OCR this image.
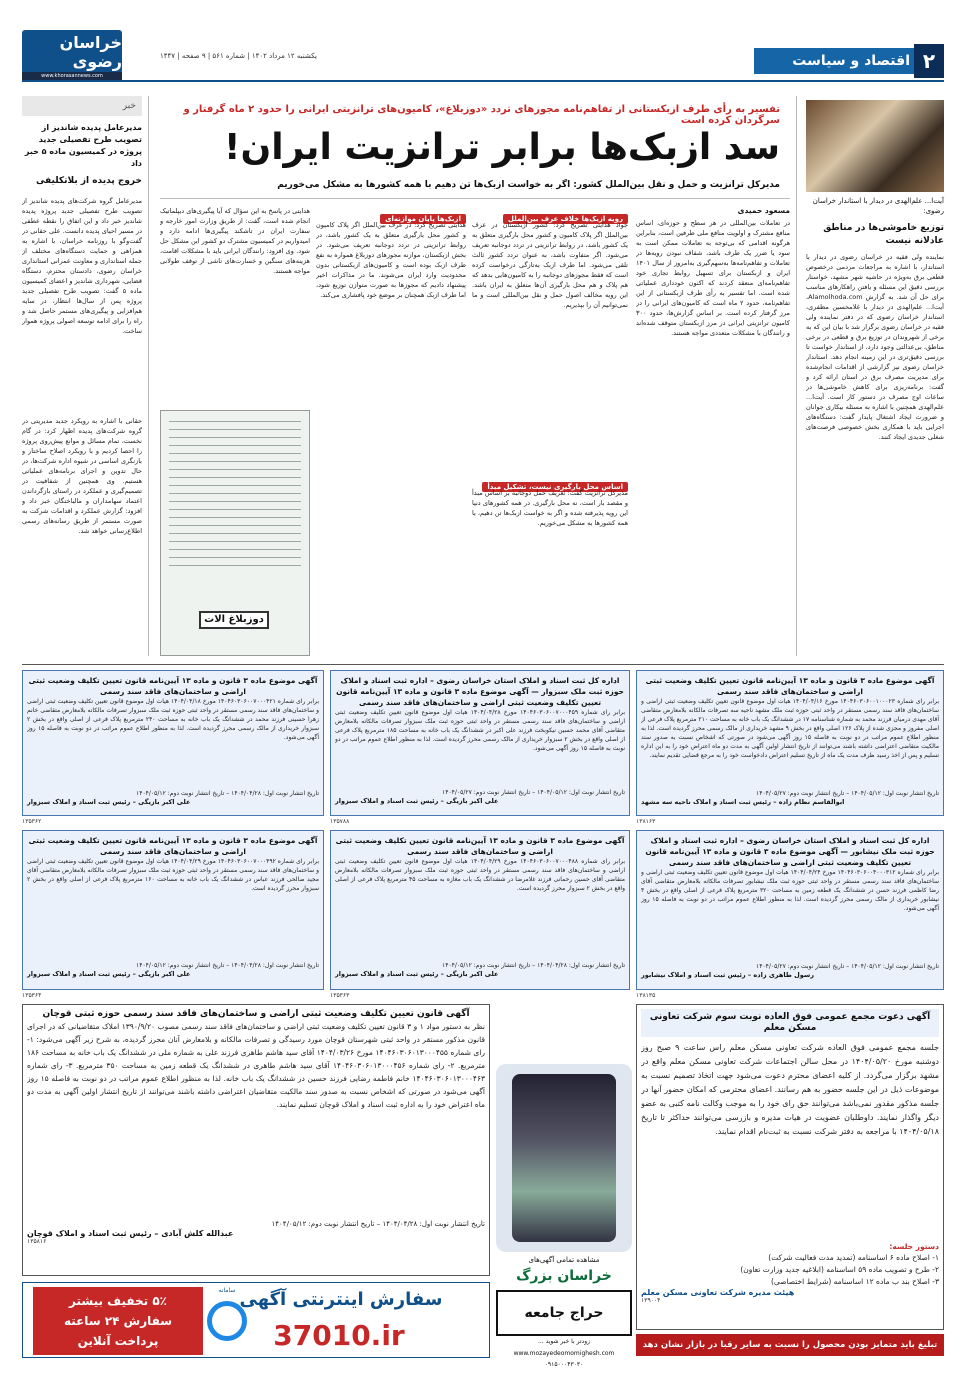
خراسان رضوی
www.khorasannews.com
یکشنبه ۱۲ مرداد ۱۴۰۲ | شماره ۵۶۱ | ۹ صفحه | ۱۴۴۷	اقتصاد و سیاست ۲
خبر
مدیرعامل پدیده شاندیز از تصویب طرح تفصیلی جدید پروژه در کمیسیون ماده ۵ خبر داد
خروج پدیده از بلاتکلیفی
مدیرعامل گروه شرکت‌های پدیده شاندیز از تصویب طرح تفصیلی جدید پروژه پدیده شاندیز خبر داد و این اتفاق را نقطه عطفی در مسیر احیای پدیده دانست. علی حقانی در گفت‌وگو با روزنامه خراسان، با اشاره به همراهی و حمایت دستگاه‌های مختلف از جمله استانداری و معاونت عمرانی استانداری خراسان رضوی، دادستان محترم، دستگاه قضایی، شهرداری شاندیز و اعضای کمیسیون ماده ۵ گفت: تصویب طرح تفصیلی جدید پروژه پس از سال‌ها انتظار، در سایه هم‌افزایی و پیگیری‌های مستمر حاصل شد و راه را برای ادامه توسعه اصولی پروژه هموار ساخت.
حقانی با اشاره به رویکرد جدید مدیریتی در گروه شرکت‌های پدیده اظهار کرد: در گام نخست، تمام مسائل و موانع پیش‌روی پروژه را احصا کردیم و با رویکرد اصلاح ساختار و بازنگری اساسی در شیوه اداره شرکت‌ها، در حال تدوین و اجرای برنامه‌های عملیاتی هستیم. وی همچنین از شفافیت در تصمیم‌گیری و عملکرد در راستای بازگرداندن اعتماد سهامداران و مالباختگان خبر داد و افزود: گزارش عملکرد و اقدامات شرکت به صورت مستمر از طریق رسانه‌های رسمی اطلاع‌رسانی خواهد شد.
تفسیر به رأی طرف ازبکستانی از تفاهم‌نامه مجوزهای تردد «دوزبلاغ»، کامیون‌های ترانزیتی ایرانی را حدود ۲ ماه گرفتار و سرگردان کرده است
سد ازبک‌ها برابر ترانزیت ایران!
مدیرکل ترانزیت و حمل و نقل بین‌الملل کشور: اگر به خواست ازبک‌ها تن دهیم با همه کشورها به مشکل می‌خوریم
مسعود حمیدی
در تعاملات بین‌المللی در هر سطح و حوزه‌ای، اساس منافع مشترک و اولویت منافع ملی طرفین است، بنابراین هرگونه اقدامی که بی‌توجه به تعاملات ممکن است به سود یا ضرر یک طرف باشد، شفاف نبودن رویه‌ها در تعاملات و تفاهم‌نامه‌ها به‌سهم‌گیری به‌امروز از سال ۱۴۰۱ ایران و ازبکستان برای تسهیل روابط تجاری خود تفاهم‌نامه‌ای منعقد کردند که اکنون خودداری عملیاتی شده است. اما تفسیر به رأی طرف ازبکستانی از این تفاهم‌نامه، حدود ۲ ماه است که کامیون‌های ایرانی را در مرز گرفتار کرده است. بر اساس گزارش‌ها، حدود ۳۰۰ کامیون ترانزیتی ایرانی در مرز ازبکستان متوقف شده‌اند و رانندگان با مشکلات متعددی مواجه هستند.
رویه ازبک‌ها خلاف عرف بین‌الملل
جواد هدایتی تصریح کرد: کشور ازبکستان در عرف بین‌الملل اگر پلاک کامیون و کشور محل بارگیری متعلق به یک کشور باشد، در روابط ترانزیتی در تردد دوجانبه تعریف می‌شود. اگر متفاوت باشد، به عنوان تردد کشور ثالث تلقی می‌شود. اما طرف ازبک به‌تازگی درخواست کرده است که فقط مجوزهای دوجانبه را به کامیون‌هایی بدهد که هم پلاک و هم محل بارگیری آن‌ها متعلق به ایران باشد. این رویه مخالف اصول حمل و نقل بین‌المللی است و ما نمی‌توانیم آن را بپذیریم.
اساس محل بارگیری نیست، تشکیل مبدأ
مدیرکل ترانزیت گفت: تعریف حمل دوجانبه بر اساس مبدأ و مقصد بار است، نه محل بارگیری. در همه کشورهای دنیا این رویه پذیرفته شده و اگر به خواست ازبک‌ها تن دهیم، با همه کشورها به مشکل می‌خوریم.
ازبک‌ها پایان موازنه‌ای
هدایتی تصریح کرد: در عرف بین‌الملل اگر پلاک کامیون و کشور محل بارگیری متعلق به یک کشور باشد، در روابط ترانزیتی در تردد دوجانبه تعریف می‌شود. در بخش ازبکستان، موازنه مجوزهای دوزبلاغ همواره به نفع طرف ازبک بوده است و کامیون‌های ازبکستانی بدون محدودیت وارد ایران می‌شوند. ما در مذاکرات اخیر پیشنهاد دادیم که مجوزها به صورت متوازن توزیع شود، اما طرف ازبک همچنان بر موضع خود پافشاری می‌کند.
هدایتی در پاسخ به این سؤال که آیا پیگیری‌های دیپلماتیک انجام شده است، گفت: از طریق وزارت امور خارجه و سفارت ایران در تاشکند پیگیری‌ها ادامه دارد و امیدواریم در کمیسیون مشترک دو کشور این مشکل حل شود. وی افزود: رانندگان ایرانی باید با مشکلات اقامت، هزینه‌های سنگین و خسارت‌های ناشی از توقف طولانی مواجه هستند.
دوزبلاغ الات
آیت‌ا... علم‌الهدی در دیدار با استاندار خراسان رضوی:
توزیع خاموشی‌ها در مناطق عادلانه نیست
نماینده ولی فقیه در خراسان رضوی در دیدار با استاندار، با اشاره به مراجعات مردمی درخصوص قطعی برق به‌ویژه در حاشیه شهر مشهد، خواستار بررسی دقیق این مسئله و یافتن راهکارهای مناسب برای حل آن شد. به گزارش Alamolhoda.com، آیت‌ا... علم‌الهدی در دیدار با غلامحسین مظفری، استاندار خراسان رضوی که در دفتر نماینده ولی فقیه در خراسان رضوی برگزار شد با بیان این که به برخی از شهروندان در توزیع برق و قطعی در برخی مناطق، بی‌عدالتی وجود دارد، از استاندار خواست تا بررسی دقیق‌تری در این زمینه انجام دهد. استاندار خراسان رضوی نیز گزارشی از اقدامات انجام‌شده برای مدیریت مصرف برق در استان ارائه کرد و گفت: برنامه‌ریزی برای کاهش خاموشی‌ها در ساعات اوج مصرف در دستور کار است. آیت‌ا... علم‌الهدی همچنین با اشاره به مسئله بیکاری جوانان و ضرورت ایجاد اشتغال پایدار گفت: دستگاه‌های اجرایی باید با همکاری بخش خصوصی فرصت‌های شغلی جدیدی ایجاد کنند.
آگهی موضوع ماده ۳ قانون و ماده ۱۳ آیین‌نامه قانون تعیین تکلیف وضعیت ثبتی اراضی و ساختمان‌های فاقد سند رسمی
برابر رای شماره ۱۴۰۴۶۰۳۰۶۰۰۱۰۰۰۲۳ مورخ ۱۴۰۴/۰۴/۱۶ هیات اول موضوع قانون تعیین تکلیف وضعیت ثبتی اراضی و ساختمان‌های فاقد سند رسمی مستقر در واحد ثبتی حوزه ثبت ملک مشهد ناحیه سه تصرفات مالکانه بلامعارض متقاضی آقای مهدی درمیان فرزند محمد به شماره شناسنامه ۱۷ در ششدانگ یک باب خانه به مساحت ۲۱۰ مترمربع پلاک فرعی از اصلی مفروز و مجزی شده از پلاک ۱۲۶ اصلی واقع در بخش ۹ مشهد خریداری از مالک رسمی محرز گردیده است. لذا به منظور اطلاع عموم مراتب در دو نوبت به فاصله ۱۵ روز آگهی می‌شود در صورتی که اشخاص نسبت به صدور سند مالکیت متقاضی اعتراضی داشته باشند می‌توانند از تاریخ انتشار اولین آگهی به مدت دو ماه اعتراض خود را به این اداره تسلیم و پس از اخذ رسید ظرف مدت یک ماه از تاریخ تسلیم اعتراض دادخواست خود را به مرجع قضایی تقدیم نمایند.
تاریخ انتشار نوبت اول: ۱۴۰۴/۰۵/۱۲ – تاریخ انتشار نوبت دوم: ۱۴۰۴/۰۵/۲۷
ابوالقاسم نظام زاده – رئیس ثبت اسناد و املاک ناحیه سه مشهد
۱۳۸۱۶۳
اداره کل ثبت اسناد و املاک استان خراسان رضوی – اداره ثبت اسناد و املاک حوزه ثبت ملک سبزوار — آگهی موضوع ماده ۳ قانون و ماده ۱۳ آیین‌نامه قانون تعیین تکلیف وضعیت ثبتی اراضی و ساختمان‌های فاقد سند رسمی
برابر رای شماره ۱۴۰۴۶۰۳۰۶۰۰۷۰۰۰۴۵۹ مورخ ۱۴۰۴/۰۴/۲۸ هیات اول موضوع قانون تعیین تکلیف وضعیت ثبتی اراضی و ساختمان‌های فاقد سند رسمی مستقر در واحد ثبتی حوزه ثبت ملک سبزوار تصرفات مالکانه بلامعارض متقاضی آقای محمد حسین نیکوبخت فرزند علی اکبر در ششدانگ یک باب خانه به مساحت ۱۸۵ مترمربع پلاک فرعی از اصلی واقع در بخش ۲ سبزوار خریداری از مالک رسمی محرز گردیده است. لذا به منظور اطلاع عموم مراتب در دو نوبت به فاصله ۱۵ روز آگهی می‌شود.
تاریخ انتشار نوبت اول: ۱۴۰۴/۰۵/۱۲ – تاریخ انتشار نوبت دوم: ۱۴۰۴/۰۵/۲۷
علی اکبر بازیگی – رئیس ثبت اسناد و املاک سبزوار
۱۳۵۷۸۸
آگهی موضوع ماده ۳ قانون و ماده ۱۳ آیین‌نامه قانون تعیین تکلیف وضعیت ثبتی اراضی و ساختمان‌های فاقد سند رسمی
برابر رای شماره ۱۴۰۴۶۰۳۰۶۰۰۷۰۰۰۴۲۱ مورخ ۱۴۰۴/۰۴/۱۸ هیات اول موضوع قانون تعیین تکلیف وضعیت ثبتی اراضی و ساختمان‌های فاقد سند رسمی مستقر در واحد ثبتی حوزه ثبت ملک سبزوار تصرفات مالکانه بلامعارض متقاضی خانم زهرا حسینی فرزند محمد در ششدانگ یک باب خانه به مساحت ۲۴۰ مترمربع پلاک فرعی از اصلی واقع در بخش ۲ سبزوار خریداری از مالک رسمی محرز گردیده است. لذا به منظور اطلاع عموم مراتب در دو نوبت به فاصله ۱۵ روز آگهی می‌شود.
تاریخ انتشار نوبت اول: ۱۴۰۴/۰۴/۲۸ – تاریخ انتشار نوبت دوم: ۱۴۰۴/۰۵/۱۲
علی اکبر بازیگی – رئیس ثبت اسناد و املاک سبزوار
۱۳۵۳۶۲
اداره کل ثبت اسناد و املاک استان خراسان رضوی – اداره ثبت اسناد و املاک حوزه ثبت ملک نیشابور — آگهی موضوع ماده ۳ قانون و ماده ۱۳ آیین‌نامه قانون تعیین تکلیف وضعیت ثبتی اراضی و ساختمان‌های فاقد سند رسمی
برابر رای شماره ۱۴۰۴۶۰۳۰۶۰۰۴۰۰۰۳۱۲ مورخ ۱۴۰۴/۰۴/۲۴ هیات اول موضوع قانون تعیین تکلیف وضعیت ثبتی اراضی و ساختمان‌های فاقد سند رسمی مستقر در واحد ثبتی حوزه ثبت ملک نیشابور تصرفات مالکانه بلامعارض متقاضی آقای رضا کاظمی فرزند حسن در ششدانگ یک قطعه زمین به مساحت ۳۲۰ مترمربع پلاک فرعی از اصلی واقع در بخش ۴ نیشابور خریداری از مالک رسمی محرز گردیده است. لذا به منظور اطلاع عموم مراتب در دو نوبت به فاصله ۱۵ روز آگهی می‌شود.
تاریخ انتشار نوبت اول: ۱۴۰۴/۰۵/۱۲ – تاریخ انتشار نوبت دوم: ۱۴۰۴/۰۵/۲۷
رسول طاهری زاده – رئیس ثبت اسناد و املاک نیشابور
۱۳۸۱۳۵
آگهی موضوع ماده ۳ قانون و ماده ۱۳ آیین‌نامه قانون تعیین تکلیف وضعیت ثبتی اراضی و ساختمان‌های فاقد سند رسمی
برابر رای شماره ۱۴۰۴۶۰۳۰۶۰۰۷۰۰۰۴۸۸ مورخ ۱۴۰۴/۰۴/۲۹ هیات اول موضوع قانون تعیین تکلیف وضعیت ثبتی اراضی و ساختمان‌های فاقد سند رسمی مستقر در واحد ثبتی حوزه ثبت ملک سبزوار تصرفات مالکانه بلامعارض متقاضی آقای حسین رحمانی فرزند غلامرضا در ششدانگ یک باب مغازه به مساحت ۴۵ مترمربع پلاک فرعی از اصلی واقع در بخش ۲ سبزوار محرز گردیده است.
تاریخ انتشار نوبت اول: ۱۴۰۴/۰۴/۲۸ – تاریخ انتشار نوبت دوم: ۱۴۰۴/۰۵/۱۲
علی اکبر بازیگی – رئیس ثبت اسناد و املاک سبزوار
۱۳۵۳۶۳
آگهی موضوع ماده ۳ قانون و ماده ۱۳ آیین‌نامه قانون تعیین تکلیف وضعیت ثبتی اراضی و ساختمان‌های فاقد سند رسمی
برابر رای شماره ۱۴۰۴۶۰۳۰۶۰۰۷۰۰۰۴۹۲ مورخ ۱۴۰۴/۰۴/۲۹ هیات اول موضوع قانون تعیین تکلیف وضعیت ثبتی اراضی و ساختمان‌های فاقد سند رسمی مستقر در واحد ثبتی حوزه ثبت ملک سبزوار تصرفات مالکانه بلامعارض متقاضی آقای مجید صالحی فرزند عباس در ششدانگ یک باب خانه به مساحت ۱۶۰ مترمربع پلاک فرعی از اصلی واقع در بخش ۲ سبزوار محرز گردیده است.
تاریخ انتشار نوبت اول: ۱۴۰۴/۰۴/۲۸ – تاریخ انتشار نوبت دوم: ۱۴۰۴/۰۵/۱۲
علی اکبر بازیگی – رئیس ثبت اسناد و املاک سبزوار
۱۳۵۳۶۴
آگهی دعوت مجمع عمومی فوق العاده نوبت سوم شرکت تعاونی مسکن معلم
جلسه مجمع عمومی فوق العاده شرکت تعاونی مسکن معلم راس ساعت ۹ صبح روز دوشنبه مورخ ۱۴۰۴/۰۵/۲۰ در محل سالن اجتماعات شرکت تعاونی مسکن معلم واقع در مشهد برگزار می‌گردد. از کلیه اعضای محترم دعوت می‌شود جهت اتخاذ تصمیم نسبت به موضوعات ذیل در این جلسه حضور به هم رسانند. اعضای محترمی که امکان حضور آنها در جلسه مذکور مقدور نمی‌باشد می‌توانند حق رای خود را به موجب وکالت نامه کتبی به عضو دیگر واگذار نمایند. داوطلبان عضویت در هیات مدیره و بازرسی می‌توانند حداکثر تا تاریخ ۱۴۰۴/۰۵/۱۸ با مراجعه به دفتر شرکت نسبت به ثبت‌نام اقدام نمایند.
دستور جلسه:
۱- اصلاح ماده ۶ اساسنامه (تمدید مدت فعالیت شرکت)
۲- طرح و تصویب ماده ۵۹ اساسنامه (ابلاغیه جدید وزارت تعاون)
۳- اصلاح بند ب ماده ۱۲ اساسنامه (شرایط اختصاصی)
هیئت مدیره شرکت تعاونی مسکن معلم
۱۳۹۰۰۴
مشاهده تمامی آگهی‌های
خراسان بزرگ
حراج جامعه
زودتر با خبر شوید ...
www.mozayedeomomighesh.com
۰۹۱۵۰۰۰۴۳۰۳۰
آگهی قانون تعیین تکلیف وضعیت ثبتی اراضی و ساختمان‌های فاقد سند رسمی حوزه ثبتی قوچان
نظر به دستور مواد ۱ و ۳ قانون تعیین تکلیف وضعیت ثبتی اراضی و ساختمان‌های فاقد سند رسمی مصوب ۱۳۹۰/۹/۲۰ املاک متقاضیانی که در اجرای قانون مذکور مستقر در واحد ثبتی شهرستان قوچان مورد رسیدگی و تصرفات مالکانه و بلامعارض آنان محرز گردیده، به شرح زیر آگهی می‌شود: ۱- رای شماره ۱۴۰۴۶۰۳۰۶۰۱۳۰۰۰۴۵۵ مورخ ۱۴۰۴/۰۳/۲۶ آقای سید هاشم طاهری فرزند علی به شماره ملی در ششدانگ یک باب خانه به مساحت ۱۸۶ مترمربع. ۲- رای شماره ۱۴۰۴۶۰۳۰۶۰۱۳۰۰۰۴۵۶ آقای سید هاشم طاهری در ششدانگ یک قطعه زمین به مساحت ۳۵۰ مترمربع. ۳- رای شماره ۱۴۰۴۶۰۳۰۶۰۱۳۰۰۰۴۶۳ خانم فاطمه رضایی فرزند حسین در ششدانگ یک باب خانه. لذا به منظور اطلاع عموم مراتب در دو نوبت به فاصله ۱۵ روز آگهی می‌شود در صورتی که اشخاص نسبت به صدور سند مالکیت متقاضیان اعتراضی داشته باشند می‌توانند از تاریخ انتشار اولین آگهی به مدت دو ماه اعتراض خود را به اداره ثبت اسناد و املاک قوچان تسلیم نمایند.
تاریخ انتشار نوبت اول: ۱۴۰۴/۰۴/۲۸ – تاریخ انتشار نوبت دوم: ۱۴۰۴/۰۵/۱۲
عبدالله کلش آبادی – رئیس ثبت اسناد و املاک قوچان
۱۳۵۸۱۶
۵٪ تخفیف بیشتر
سفارش ۲۴ ساعته
پرداخت آنلاین
سامانه سفارش اینترنتی آگهی
37010.ir	تبلیغ باید متمایز بودن محصول را نسبت به سایر رقبا در بازار نشان دهد
